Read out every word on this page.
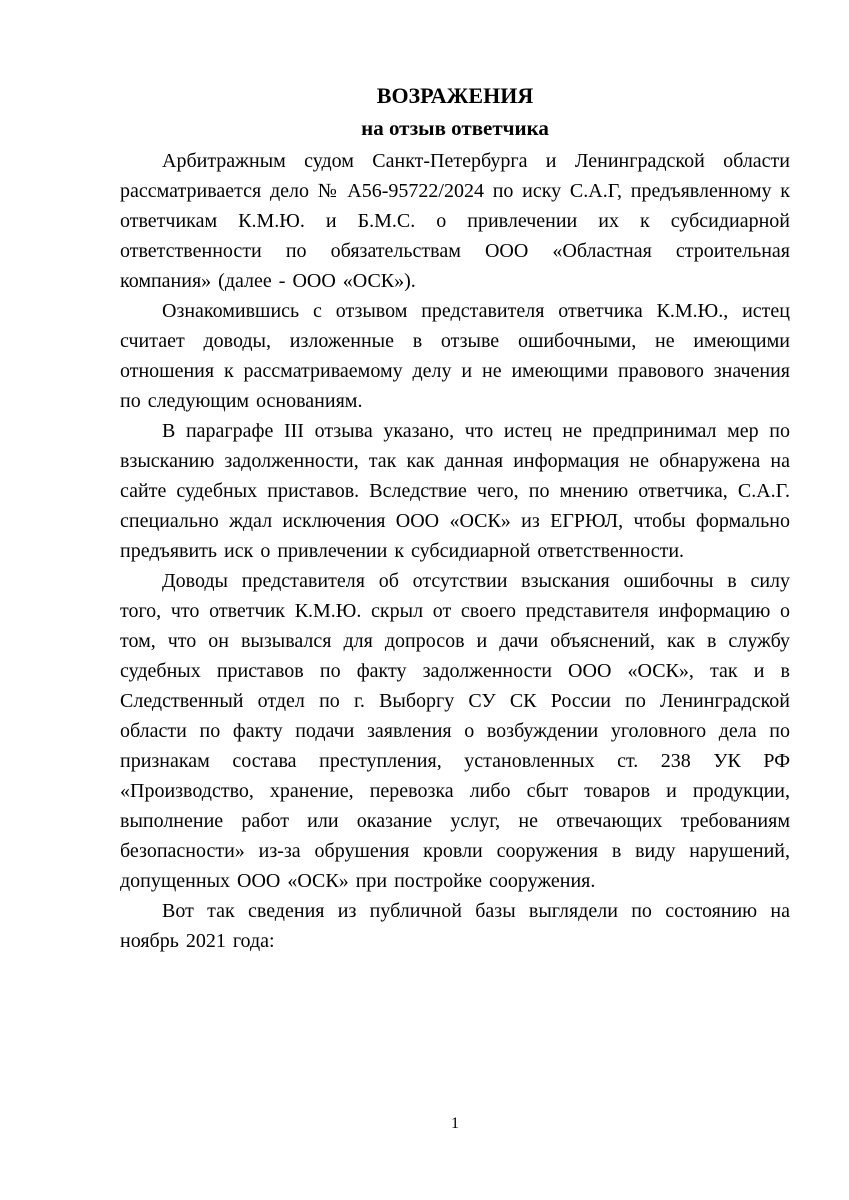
ВОЗРАЖЕНИЯ
на отзыв ответчика

Арбитражным судом Санкт-Петербурга и Ленинградской области рассматривается дело № А56-95722/2024 по иску С.А.Г, предъявленному к ответчикам К.М.Ю. и Б.М.С. о привлечении их к субсидиарной ответственности по обязательствам ООО «Областная строительная компания» (далее - ООО «ОСК»).

Ознакомившись с отзывом представителя ответчика К.М.Ю., истец считает доводы, изложенные в отзыве ошибочными, не имеющими отношения к рассматриваемому делу и не имеющими правового значения по следующим основаниям.

В параграфе III отзыва указано, что истец не предпринимал мер по взысканию задолженности, так как данная информация не обнаружена на сайте судебных приставов. Вследствие чего, по мнению ответчика, С.А.Г. специально ждал исключения ООО «ОСК» из ЕГРЮЛ, чтобы формально предъявить иск о привлечении к субсидиарной ответственности.

Доводы представителя об отсутствии взыскания ошибочны в силу того, что ответчик К.М.Ю. скрыл от своего представителя информацию о том, что он вызывался для допросов и дачи объяснений, как в службу судебных приставов по факту задолженности ООО «ОСК», так и в Следственный отдел по г. Выборгу СУ СК России по Ленинградской области по факту подачи заявления о возбуждении уголовного дела по признакам состава преступления, установленных ст. 238 УК РФ «Производство, хранение, перевозка либо сбыт товаров и продукции, выполнение работ или оказание услуг, не отвечающих требованиям безопасности» из-за обрушения кровли сооружения в виду нарушений, допущенных ООО «ОСК» при постройке сооружения.

Вот так сведения из публичной базы выглядели по состоянию на ноябрь 2021 года:

1
